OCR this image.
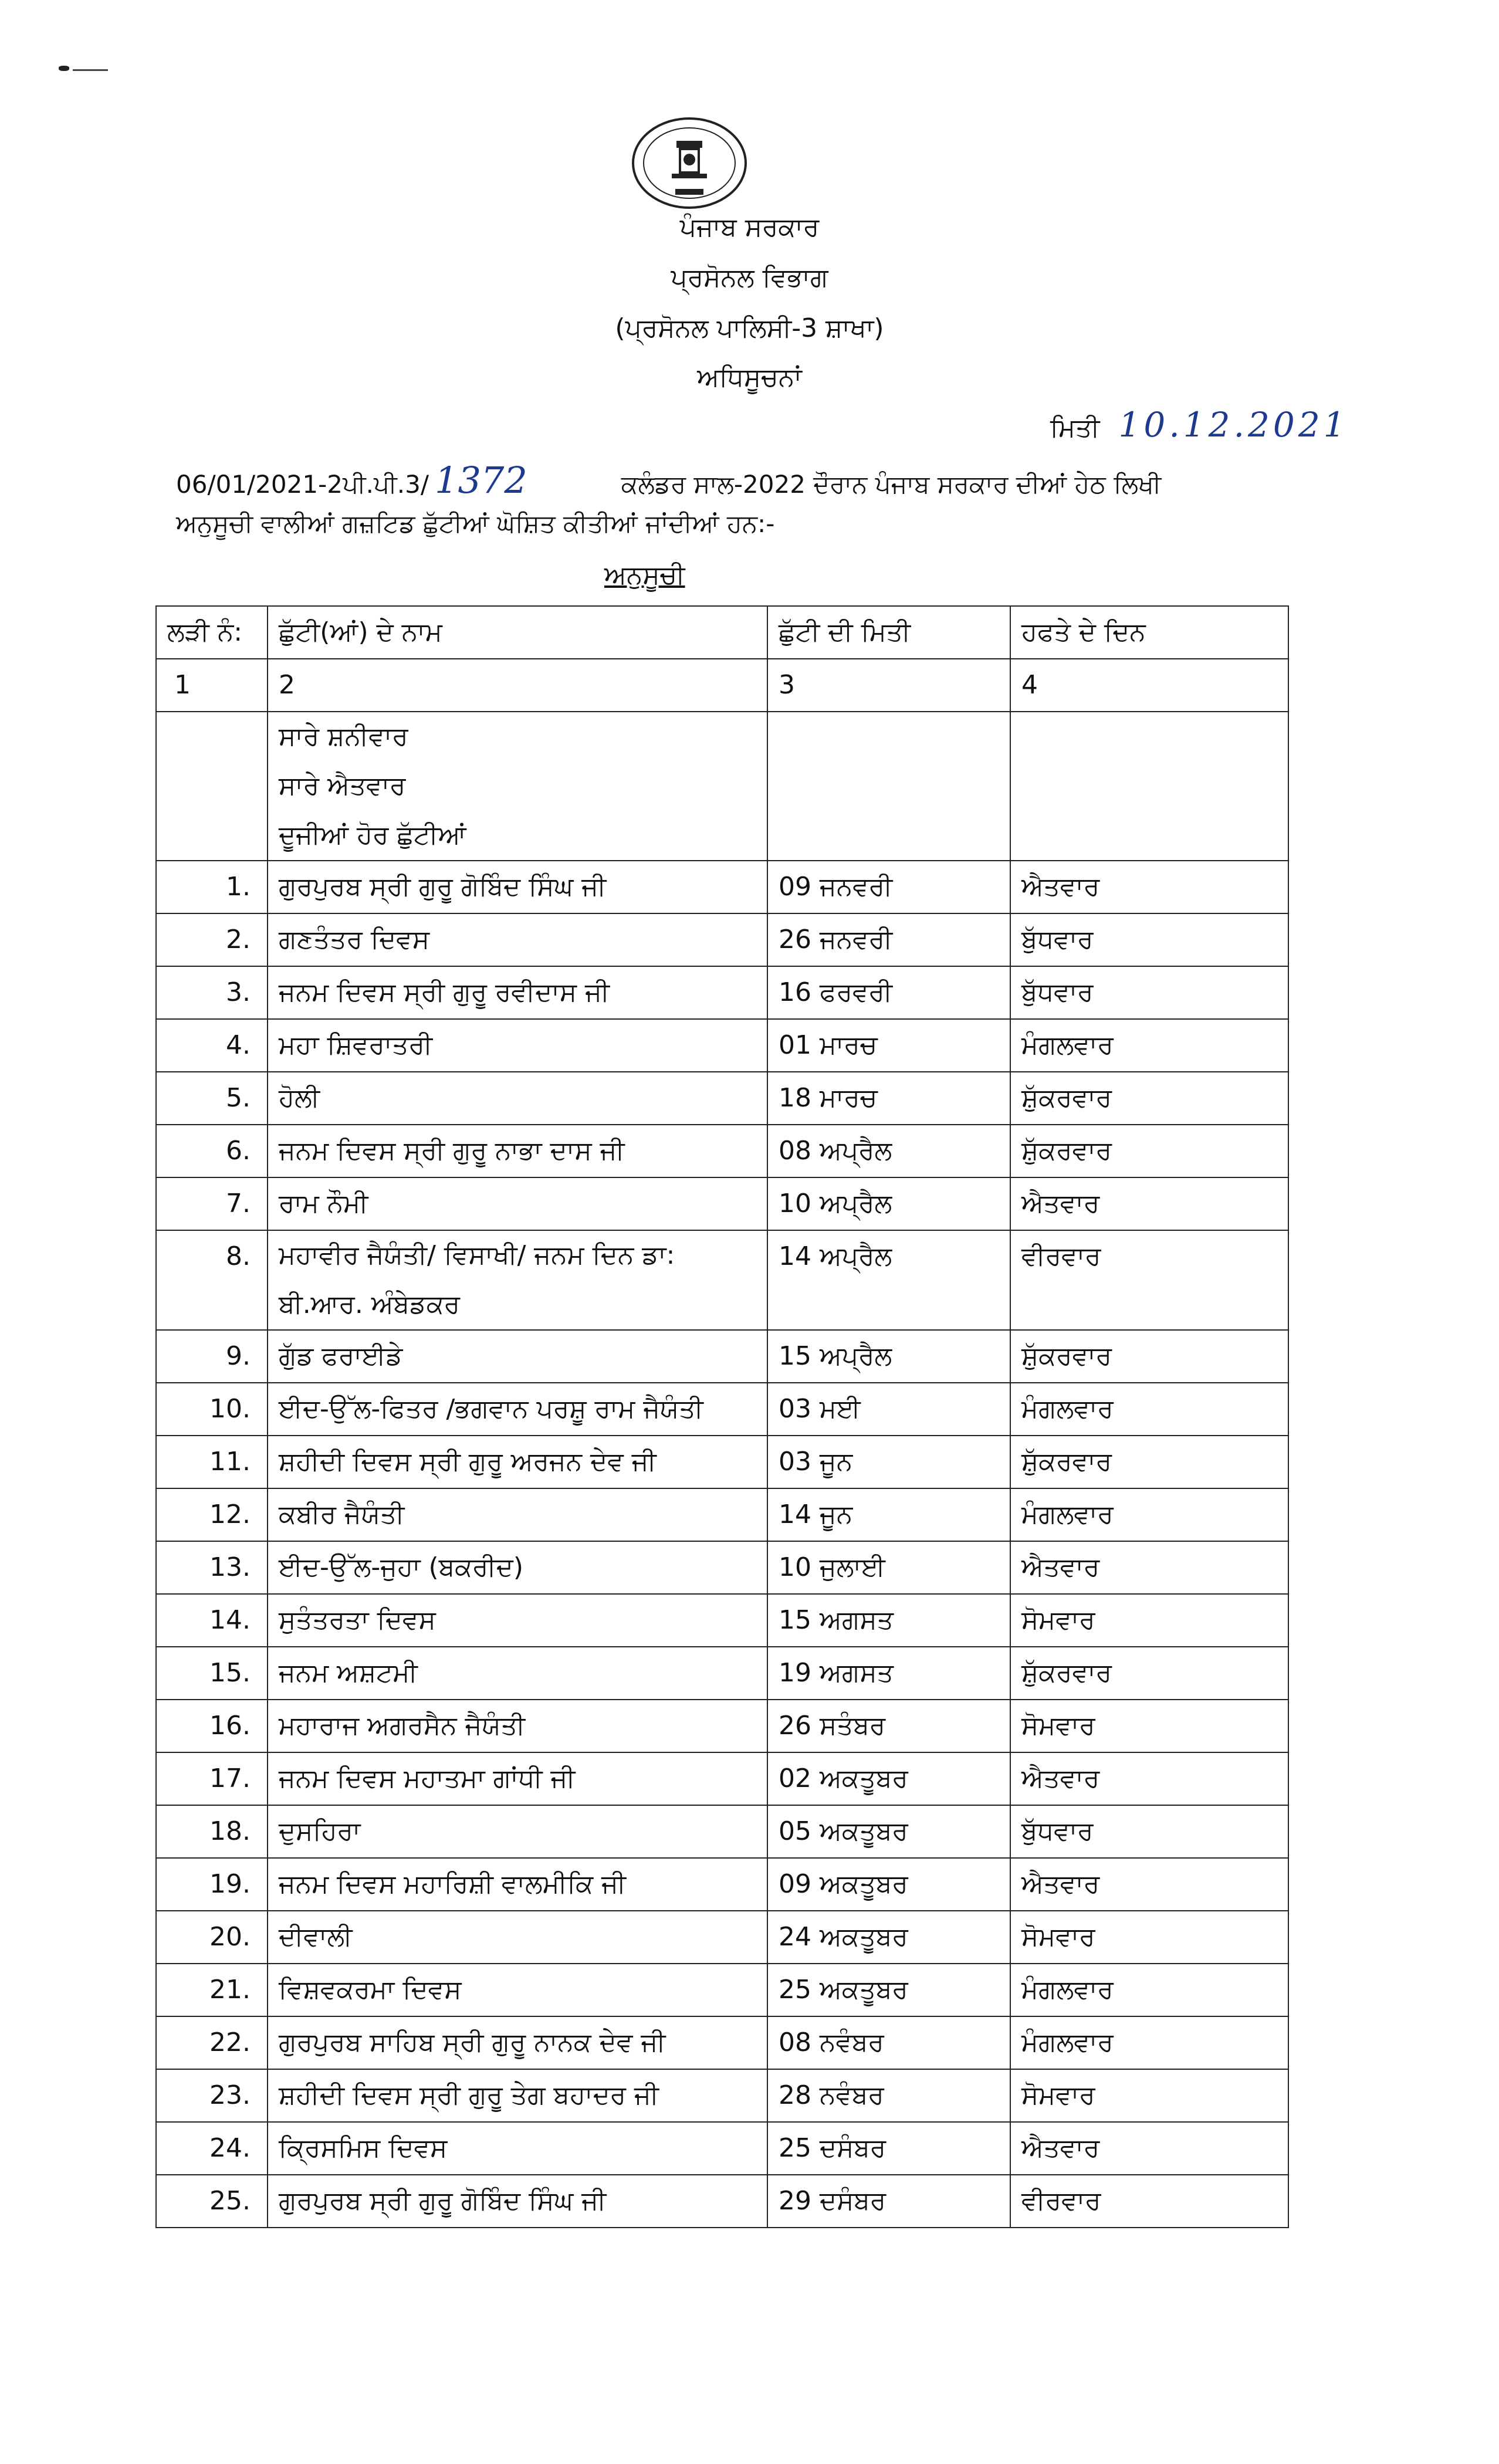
ਪੰਜਾਬ ਸਰਕਾਰ
ਪ੍ਰਸੋਨਲ ਵਿਭਾਗ
(ਪ੍ਰਸੋਨਲ ਪਾਲਿਸੀ-3 ਸ਼ਾਖਾ)
ਅਧਿਸੂਚਨਾਂ
ਮਿਤੀ 10.12.2021
06/01/2021-2ਪੀ.ਪੀ.3/ 1372	ਕਲੰਡਰ ਸਾਲ-2022 ਦੌਰਾਨ ਪੰਜਾਬ ਸਰਕਾਰ ਦੀਆਂ ਹੇਠ ਲਿਖੀ
ਅਨੁਸੂਚੀ ਵਾਲੀਆਂ ਗਜ਼ਟਿਡ ਛੁੱਟੀਆਂ ਘੋਸ਼ਿਤ ਕੀਤੀਆਂ ਜਾਂਦੀਆਂ ਹਨ:-
ਅਨੁਸੂਚੀ
ਲੜੀ ਨੰ:	ਛੁੱਟੀ(ਆਂ) ਦੇ ਨਾਮ	ਛੁੱਟੀ ਦੀ ਮਿਤੀ	ਹਫਤੇ ਦੇ ਦਿਨ
1	2	3	4

	ਸਾਰੇ ਸ਼ਨੀਵਾਰ
ਸਾਰੇ ਐਤਵਾਰ
ਦੂਜੀਆਂ ਹੋਰ ਛੁੱਟੀਆਂ		

1.	ਗੁਰਪੁਰਬ ਸ੍ਰੀ ਗੁਰੂ ਗੋਬਿੰਦ ਸਿੰਘ ਜੀ	09 ਜਨਵਰੀ	ਐਤਵਾਰ
2.	ਗਣਤੰਤਰ ਦਿਵਸ	26 ਜਨਵਰੀ	ਬੁੱਧਵਾਰ
3.	ਜਨਮ ਦਿਵਸ ਸ੍ਰੀ ਗੁਰੂ ਰਵੀਦਾਸ ਜੀ	16 ਫਰਵਰੀ	ਬੁੱਧਵਾਰ
4.	ਮਹਾ ਸ਼ਿਵਰਾਤਰੀ	01 ਮਾਰਚ	ਮੰਗਲਵਾਰ
5.	ਹੋਲੀ	18 ਮਾਰਚ	ਸ਼ੁੱਕਰਵਾਰ
6.	ਜਨਮ ਦਿਵਸ ਸ੍ਰੀ ਗੁਰੂ ਨਾਭਾ ਦਾਸ ਜੀ	08 ਅਪ੍ਰੈਲ	ਸ਼ੁੱਕਰਵਾਰ
7.	ਰਾਮ ਨੌਮੀ	10 ਅਪ੍ਰੈਲ	ਐਤਵਾਰ
8.	ਮਹਾਵੀਰ ਜੈਯੰਤੀ/ ਵਿਸਾਖੀ/ ਜਨਮ ਦਿਨ ਡਾ:
ਬੀ.ਆਰ. ਅੰਬੇਡਕਰ	14 ਅਪ੍ਰੈਲ	ਵੀਰਵਾਰ
9.	ਗੁੱਡ ਫਰਾਈਡੇ	15 ਅਪ੍ਰੈਲ	ਸ਼ੁੱਕਰਵਾਰ
10.	ਈਦ-ਉੱਲ-ਫਿਤਰ /ਭਗਵਾਨ ਪਰਸ਼ੂ ਰਾਮ ਜੈਯੰਤੀ	03 ਮਈ	ਮੰਗਲਵਾਰ
11.	ਸ਼ਹੀਦੀ ਦਿਵਸ ਸ੍ਰੀ ਗੁਰੂ ਅਰਜਨ ਦੇਵ ਜੀ	03 ਜੂਨ	ਸ਼ੁੱਕਰਵਾਰ
12.	ਕਬੀਰ ਜੈਯੰਤੀ	14 ਜੂਨ	ਮੰਗਲਵਾਰ
13.	ਈਦ-ਉੱਲ-ਜੁਹਾ (ਬਕਰੀਦ)	10 ਜੁਲਾਈ	ਐਤਵਾਰ
14.	ਸੁਤੰਤਰਤਾ ਦਿਵਸ	15 ਅਗਸਤ	ਸੋਮਵਾਰ
15.	ਜਨਮ ਅਸ਼ਟਮੀ	19 ਅਗਸਤ	ਸ਼ੁੱਕਰਵਾਰ
16.	ਮਹਾਰਾਜ ਅਗਰਸੈਨ ਜੈਯੰਤੀ	26 ਸਤੰਬਰ	ਸੋਮਵਾਰ
17.	ਜਨਮ ਦਿਵਸ ਮਹਾਤਮਾ ਗਾਂਧੀ ਜੀ	02 ਅਕਤੂਬਰ	ਐਤਵਾਰ
18.	ਦੁਸਹਿਰਾ	05 ਅਕਤੂਬਰ	ਬੁੱਧਵਾਰ
19.	ਜਨਮ ਦਿਵਸ ਮਹਾਰਿਸ਼ੀ ਵਾਲਮੀਕਿ ਜੀ	09 ਅਕਤੂਬਰ	ਐਤਵਾਰ
20.	ਦੀਵਾਲੀ	24 ਅਕਤੂਬਰ	ਸੋਮਵਾਰ
21.	ਵਿਸ਼ਵਕਰਮਾ ਦਿਵਸ	25 ਅਕਤੂਬਰ	ਮੰਗਲਵਾਰ
22.	ਗੁਰਪੁਰਬ ਸਾਹਿਬ ਸ੍ਰੀ ਗੁਰੂ ਨਾਨਕ ਦੇਵ ਜੀ	08 ਨਵੰਬਰ	ਮੰਗਲਵਾਰ
23.	ਸ਼ਹੀਦੀ ਦਿਵਸ ਸ੍ਰੀ ਗੁਰੂ ਤੇਗ ਬਹਾਦਰ ਜੀ	28 ਨਵੰਬਰ	ਸੋਮਵਾਰ
24.	ਕ੍ਰਿਸਮਿਸ ਦਿਵਸ	25 ਦਸੰਬਰ	ਐਤਵਾਰ
25.	ਗੁਰਪੁਰਬ ਸ੍ਰੀ ਗੁਰੂ ਗੋਬਿੰਦ ਸਿੰਘ ਜੀ	29 ਦਸੰਬਰ	ਵੀਰਵਾਰ
